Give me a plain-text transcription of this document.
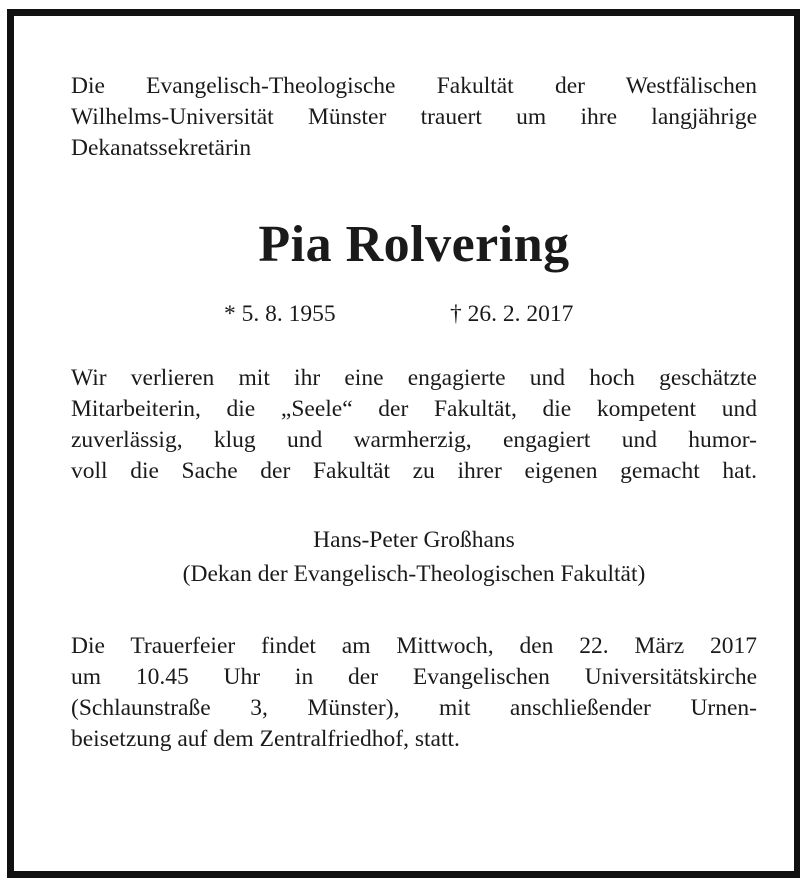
Die Evangelisch-Theologische Fakultät der Westfälischen
Wilhelms-Universität Münster trauert um ihre langjährige
Dekanatssekretärin

Pia Rolvering
* 5. 8. 1955	† 26. 2. 2017

Wir verlieren mit ihr eine engagierte und hoch geschätzte
Mitarbeiterin, die „Seele“ der Fakultät, die kompetent und
zuverlässig, klug und warmherzig, engagiert und humor-
voll die Sache der Fakultät zu ihrer eigenen gemacht hat.

Hans-Peter Großhans
(Dekan der Evangelisch-Theologischen Fakultät)

Die Trauerfeier findet am Mittwoch, den 22. März 2017
um 10.45 Uhr in der Evangelischen Universitätskirche
(Schlaunstraße 3, Münster), mit anschließender Urnen-
beisetzung auf dem Zentralfriedhof, statt.
